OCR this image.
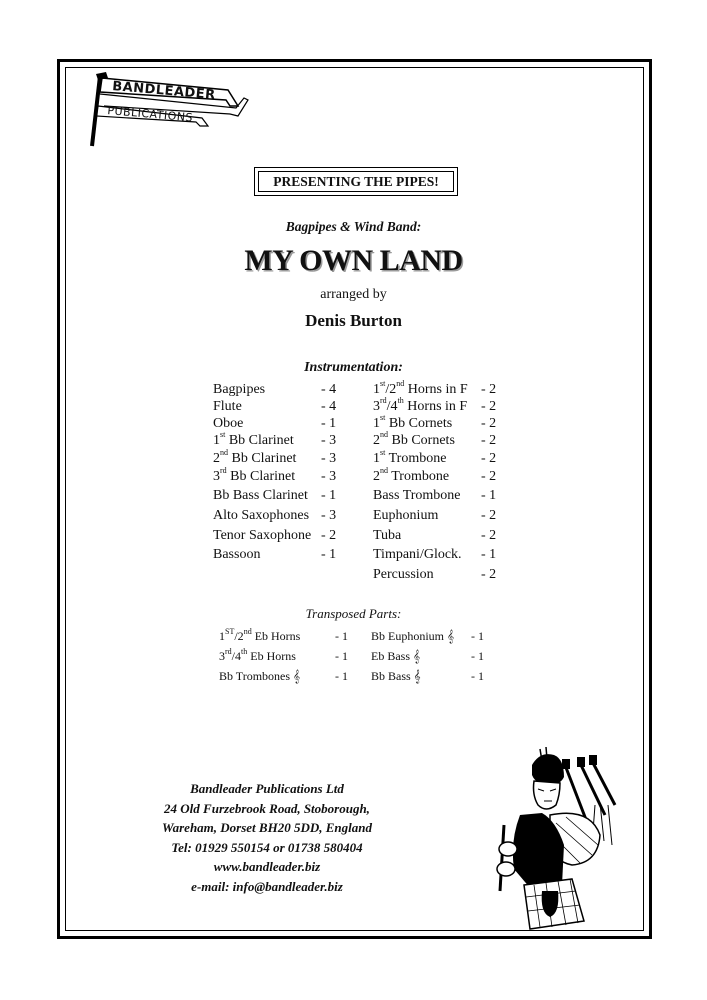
BANDLEADER
PUBLICATIONS
PRESENTING THE PIPES!
Bagpipes & Wind Band:
MY OWN LAND
arranged by
Denis Burton
Instrumentation:
Bagpipes	- 4
Flute	- 4
Oboe	- 1
1st Bb Clarinet - 3
2nd Bb Clarinet - 3
3rd Bb Clarinet - 3
Bb Bass Clarinet - 1
Alto Saxophones - 3
Tenor Saxophone - 2
Bassoon	- 1
1st/2nd Horns in F - 2
3rd/4th Horns in F - 2
1st Bb Cornets - 2
2nd Bb Cornets - 2
1st Trombone - 2
2nd Trombone - 2
Bass Trombone - 1
Euphonium	- 2
Tuba	- 2
Timpani/Glock. - 1
Percussion	- 2
Transposed Parts:
1ST/2nd Eb Horns	- 1
3rd/4th Eb Horns	- 1
Bb Trombones 𝄞	- 1
Bb Euphonium 𝄞 - 1
Eb Bass 𝄞	- 1
Bb Bass 𝄞	- 1
Bandleader Publications Ltd
24 Old Furzebrook Road, Stoborough,
Wareham, Dorset BH20 5DD, England
Tel: 01929 550154 or 01738 580404
www.bandleader.biz
e-mail: info@bandleader.biz
